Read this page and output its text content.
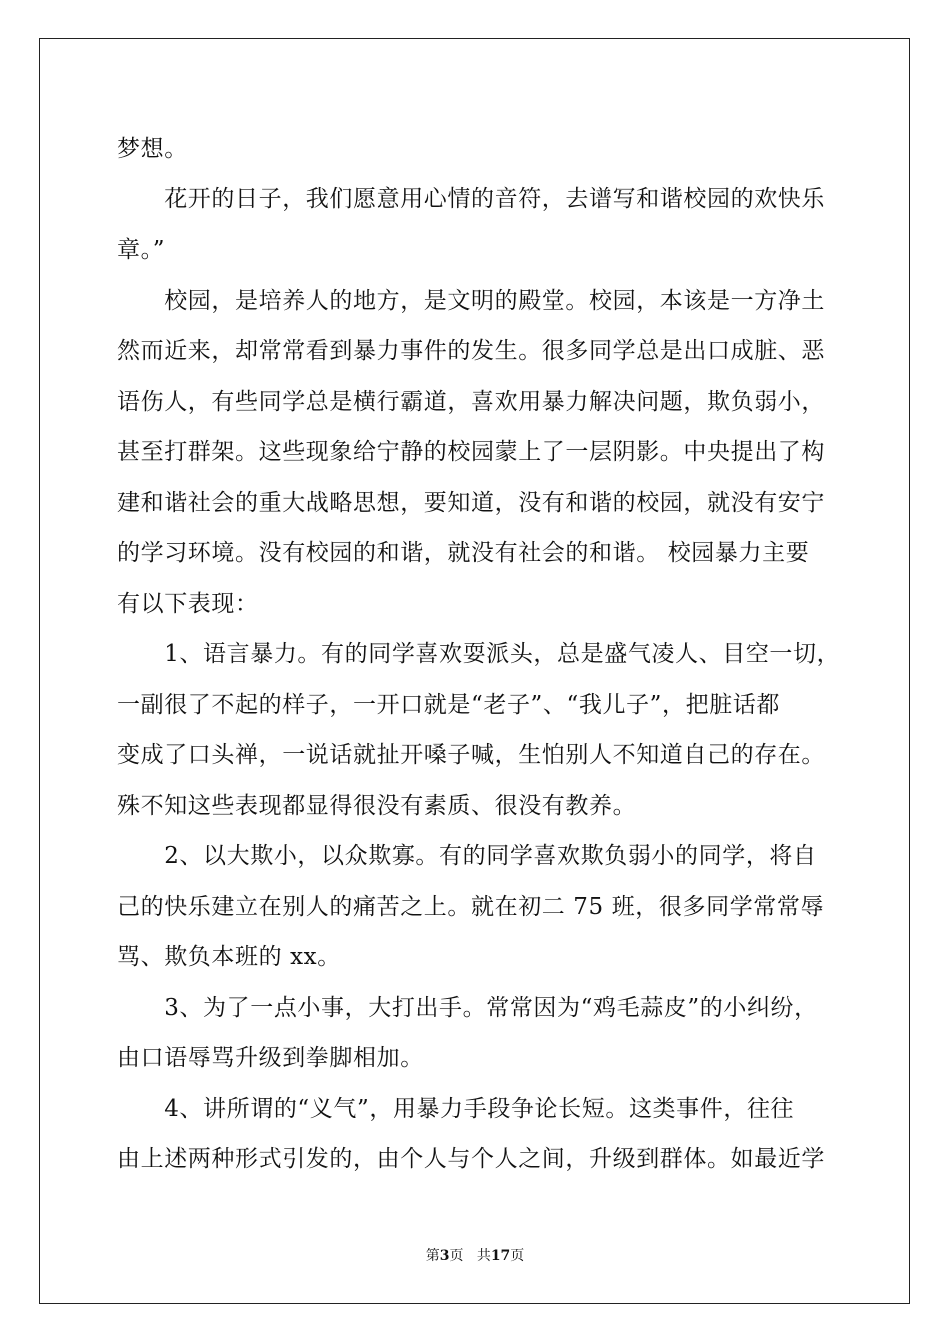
梦想。
　　花开的日子，我们愿意用心情的音符，去谱写和谐校园的欢快乐
章。”
　　校园，是培养人的地方，是文明的殿堂。校园，本该是一方净土
然而近来，却常常看到暴力事件的发生。很多同学总是出口成脏、恶
语伤人，有些同学总是横行霸道，喜欢用暴力解决问题，欺负弱小，
甚至打群架。这些现象给宁静的校园蒙上了一层阴影。中央提出了构
建和谐社会的重大战略思想，要知道，没有和谐的校园，就没有安宁
的学习环境。没有校园的和谐，就没有社会的和谐。 校园暴力主要
有以下表现：
　　1、语言暴力。有的同学喜欢耍派头，总是盛气凌人、目空一切，
一副很了不起的样子，一开口就是“老子”、“我儿子”，把脏话都
变成了口头禅，一说话就扯开嗓子喊，生怕别人不知道自己的存在。
殊不知这些表现都显得很没有素质、很没有教养。
　　2、以大欺小，以众欺寡。有的同学喜欢欺负弱小的同学，将自
己的快乐建立在别人的痛苦之上。就在初二 75 班，很多同学常常辱
骂、欺负本班的 xx。
　　3、为了一点小事，大打出手。常常因为“鸡毛蒜皮”的小纠纷，
由口语辱骂升级到拳脚相加。
　　4、讲所谓的“义气”，用暴力手段争论长短。这类事件，往往
由上述两种形式引发的，由个人与个人之间，升级到群体。如最近学
第3页 共17页
